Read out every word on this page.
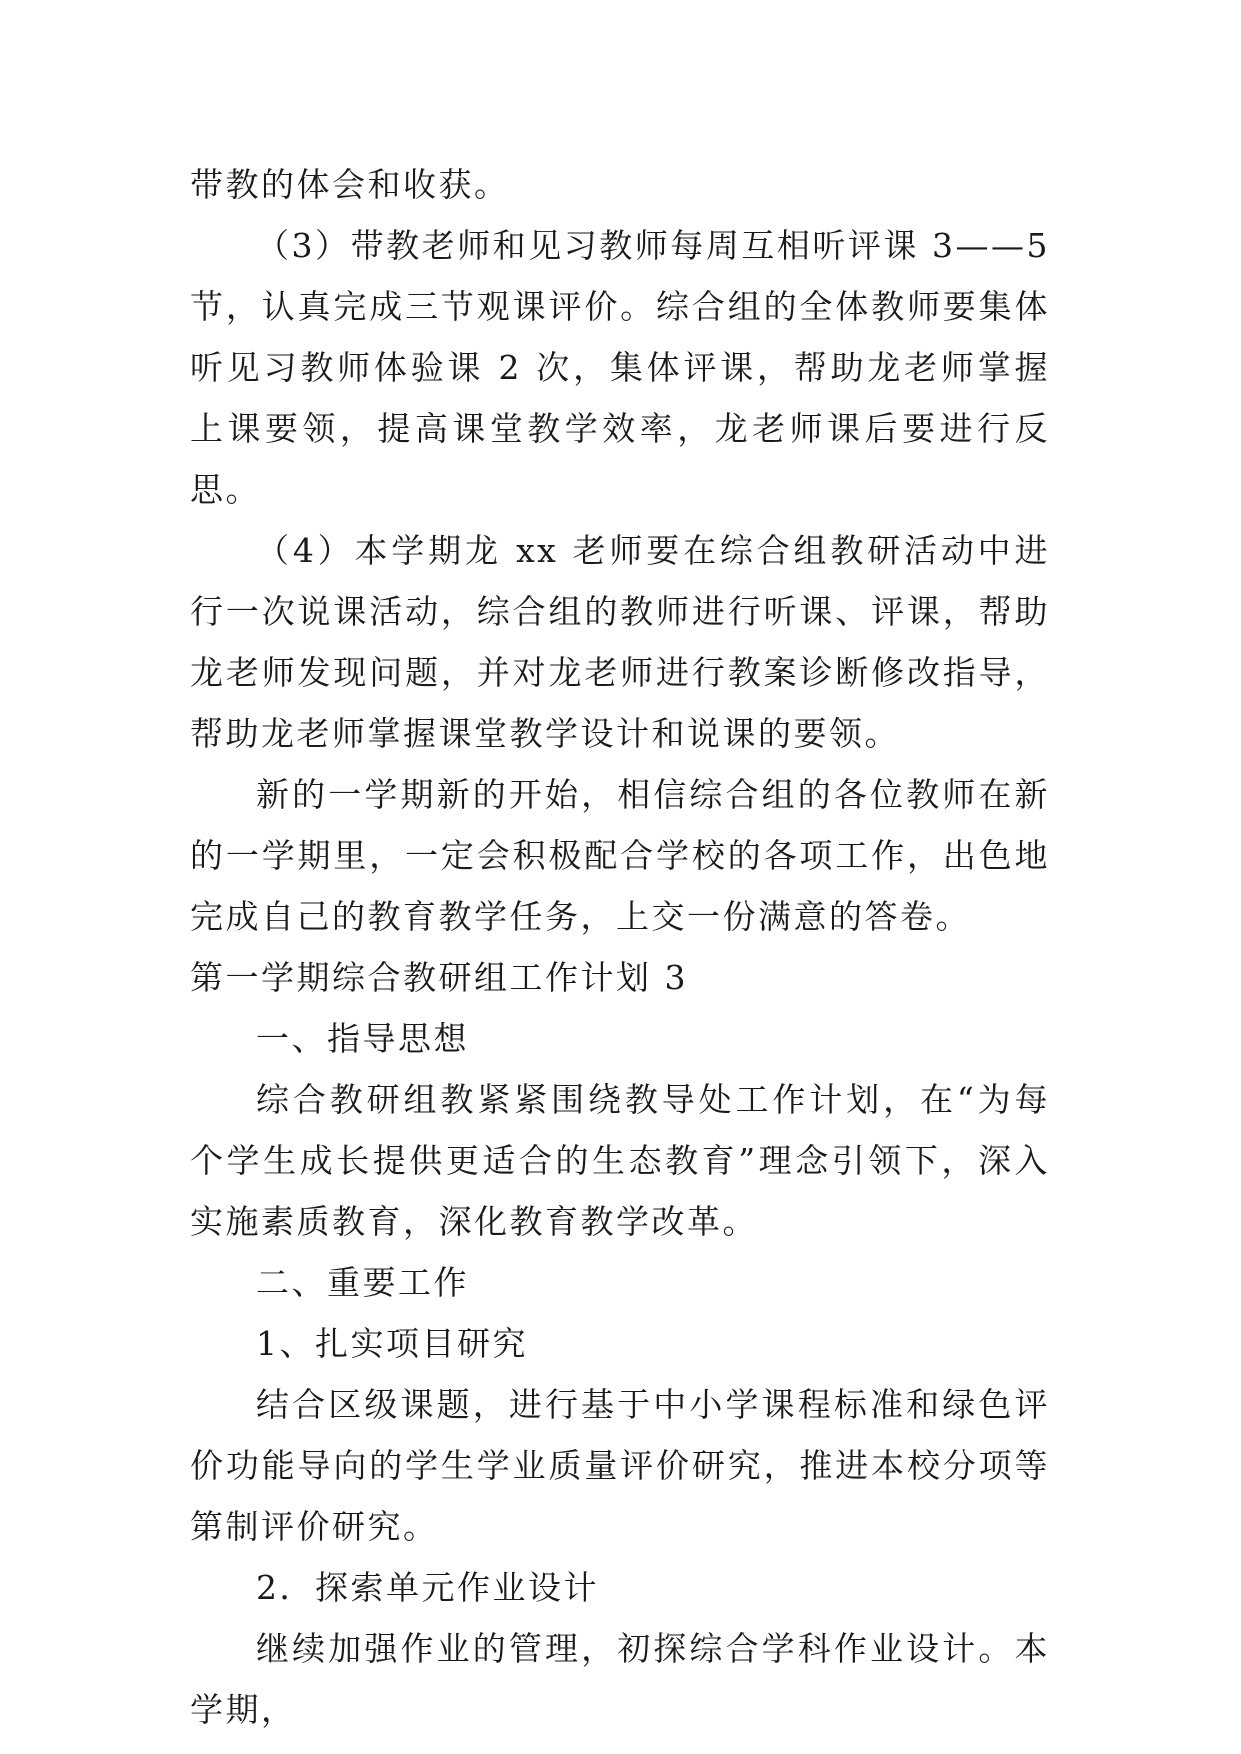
带教的体会和收获。

（3）带教老师和见习教师每周互相听评课 3——5 节，认真完成三节观课评价。综合组的全体教师要集体听见习教师体验课 2 次，集体评课，帮助龙老师掌握上课要领，提高课堂教学效率，龙老师课后要进行反思。

（4）本学期龙 xx 老师要在综合组教研活动中进行一次说课活动，综合组的教师进行听课、评课，帮助龙老师发现问题，并对龙老师进行教案诊断修改指导，帮助龙老师掌握课堂教学设计和说课的要领。

新的一学期新的开始，相信综合组的各位教师在新的一学期里，一定会积极配合学校的各项工作，出色地完成自己的教育教学任务，上交一份满意的答卷。

第一学期综合教研组工作计划 3

一、指导思想

综合教研组教紧紧围绕教导处工作计划，在“为每个学生成长提供更适合的生态教育”理念引领下，深入实施素质教育，深化教育教学改革。

二、重要工作

1、扎实项目研究

结合区级课题，进行基于中小学课程标准和绿色评价功能导向的学生学业质量评价研究，推进本校分项等第制评价研究。

2．探索单元作业设计

继续加强作业的管理，初探综合学科作业设计。本学期，
